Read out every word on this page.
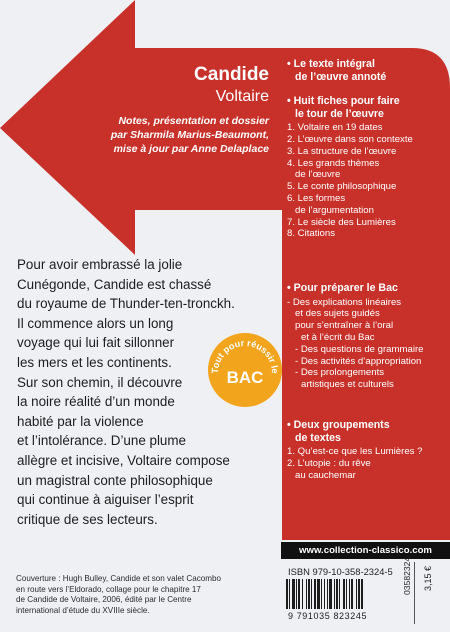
Candide
Voltaire
Notes, présentation et dossier
par Sharmila Marius-Beaumont,
mise à jour par Anne Delaplace
Pour avoir embrassé la jolie
Cunégonde, Candide est chassé
du royaume de Thunder-ten-tronckh.
Il commence alors un long
voyage qui lui fait sillonner
les mers et les continents.
Sur son chemin, il découvre
la noire réalité d’un monde
habité par la violence
et l’intolérance. D’une plume
allègre et incisive, Voltaire compose
un magistral conte philosophique
qui continue à aiguiser l’esprit
critique de ses lecteurs.
Tout pour réussir le
BAC
• Le texte intégral
de l’œuvre annoté
• Huit fiches pour faire
le tour de l’œuvre
1. Voltaire en 19 dates
2. L’œuvre dans son contexte
3. La structure de l’œuvre
4. Les grands thèmes
de l’œuvre
5. Le conte philosophique
6. Les formes
de l’argumentation
7. Le siècle des Lumières
8. Citations
• Pour préparer le Bac
- Des explications linéaires
et des sujets guidés
pour s’entraîner à l’oral
et à l’écrit du Bac
- Des questions de grammaire
- Des activités d’appropriation
- Des prolongements
artistiques et culturels
• Deux groupements
de textes
1. Qu’est-ce que les Lumières ?
2. L’utopie : du rêve
au cauchemar
www.collection-classico.com
ISBN 979-10-358-2324-5
9 791035 823245
03582324 3,15 €
Couverture : Hugh Bulley, Candide et son valet Cacombo
en route vers l’Eldorado, collage pour le chapitre 17
de Candide de Voltaire, 2006, édité par le Centre
international d’étude du XVIIIe siècle.
